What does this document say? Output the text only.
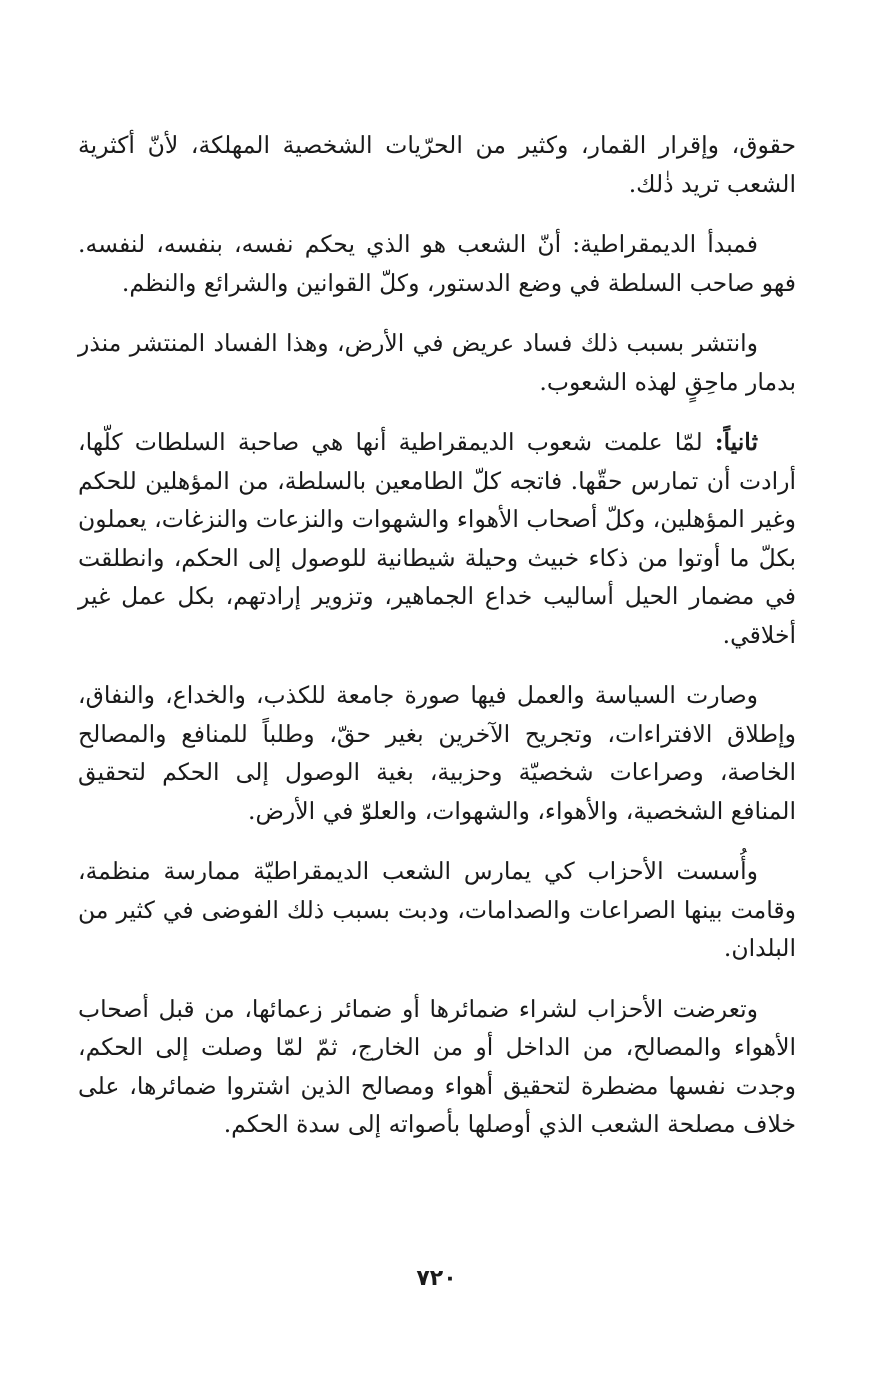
حقوق، وإقرار القمار، وكثير من الحرّيات الشخصية المهلكة، لأنّ أكثرية الشعب تريد ذٰلك.

فمبدأ الديمقراطية: أنّ الشعب هو الذي يحكم نفسه، بنفسه، لنفسه. فهو صاحب السلطة في وضع الدستور، وكلّ القوانين والشرائع والنظم.

وانتشر بسبب ذلك فساد عريض في الأرض، وهذا الفساد المنتشر منذر بدمار ماحِقٍ لهذه الشعوب.

ثانياً: لمّا علمت شعوب الديمقراطية أنها هي صاحبة السلطات كلّها، أرادت أن تمارس حقّها. فاتجه كلّ الطامعين بالسلطة، من المؤهلين للحكم وغير المؤهلين، وكلّ أصحاب الأهواء والشهوات والنزعات والنزغات، يعملون بكلّ ما أوتوا من ذكاء خبيث وحيلة شيطانية للوصول إلى الحكم، وانطلقت في مضمار الحيل أساليب خداع الجماهير، وتزوير إرادتهم، بكل عمل غير أخلاقي.

وصارت السياسة والعمل فيها صورة جامعة للكذب، والخداع، والنفاق، وإطلاق الافتراءات، وتجريح الآخرين بغير حقّ، وطلباً للمنافع والمصالح الخاصة، وصراعات شخصيّة وحزبية، بغية الوصول إلى الحكم لتحقيق المنافع الشخصية، والأهواء، والشهوات، والعلوّ في الأرض.

وأُسست الأحزاب كي يمارس الشعب الديمقراطيّة ممارسة منظمة، وقامت بينها الصراعات والصدامات، ودبت بسبب ذلك الفوضى في كثير من البلدان.

وتعرضت الأحزاب لشراء ضمائرها أو ضمائر زعمائها، من قبل أصحاب الأهواء والمصالح، من الداخل أو من الخارج، ثمّ لمّا وصلت إلى الحكم، وجدت نفسها مضطرة لتحقيق أهواء ومصالح الذين اشتروا ضمائرها، على خلاف مصلحة الشعب الذي أوصلها بأصواته إلى سدة الحكم.

٧٢٠
